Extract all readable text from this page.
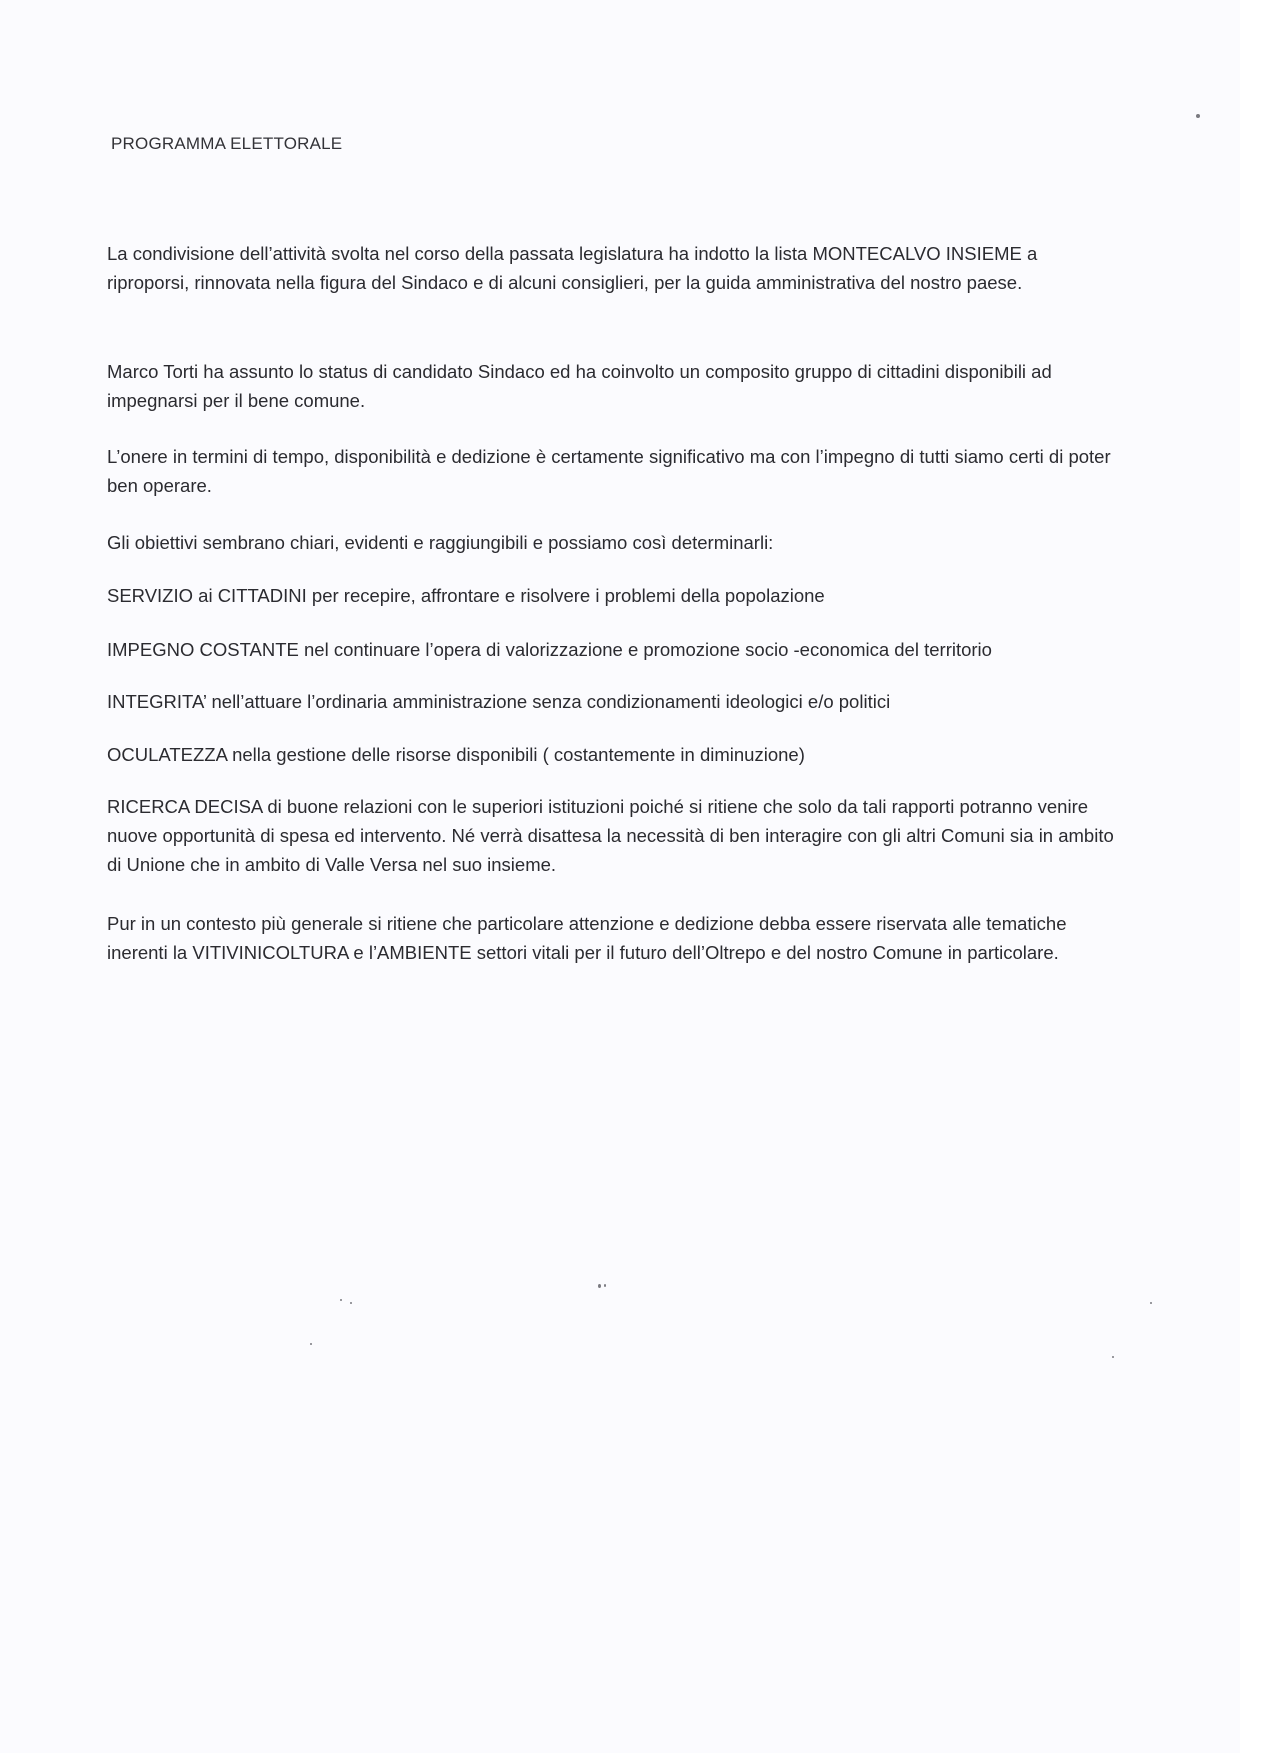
PROGRAMMA ELETTORALE

La condivisione dell’attività svolta nel corso della passata legislatura ha indotto la lista MONTECALVO INSIEME a riproporsi, rinnovata nella figura del Sindaco e di alcuni consiglieri, per la guida amministrativa del nostro paese.

Marco Torti ha assunto lo status di candidato Sindaco ed ha coinvolto un composito gruppo di cittadini disponibili ad impegnarsi per il bene comune.

L’onere in termini di tempo, disponibilità e dedizione è certamente significativo ma con l’impegno di tutti siamo certi di poter ben operare.

Gli obiettivi sembrano chiari, evidenti e raggiungibili e possiamo così determinarli:

SERVIZIO ai CITTADINI per recepire, affrontare e risolvere i problemi della popolazione

IMPEGNO COSTANTE nel continuare l’opera di valorizzazione e promozione socio -economica del territorio

INTEGRITA’ nell’attuare l’ordinaria amministrazione senza condizionamenti ideologici e/o politici

OCULATEZZA nella gestione delle risorse disponibili ( costantemente in diminuzione)

RICERCA DECISA di buone relazioni con le superiori istituzioni poiché si ritiene che solo da tali rapporti potranno venire nuove opportunità di spesa ed intervento. Né verrà disattesa la necessità di ben interagire con gli altri Comuni sia in ambito di Unione che in ambito di Valle Versa nel suo insieme.

Pur in un contesto più generale si ritiene che particolare attenzione e dedizione debba essere riservata alle tematiche inerenti la VITIVINICOLTURA e l’AMBIENTE settori vitali per il futuro dell’Oltrepo e del nostro Comune in particolare.
